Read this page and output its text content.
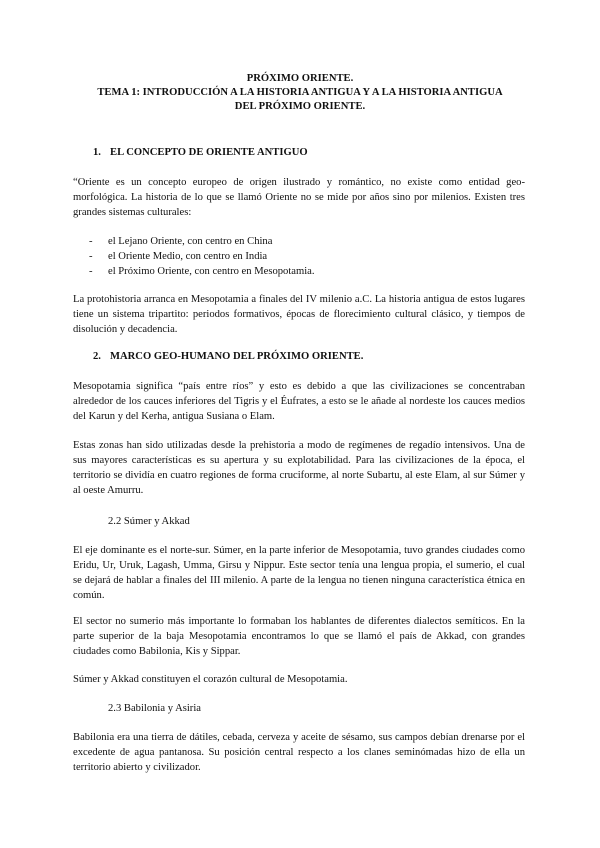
PRÓXIMO ORIENTE.
TEMA 1: INTRODUCCIÓN A LA HISTORIA ANTIGUA Y A LA HISTORIA ANTIGUA
DEL PRÓXIMO ORIENTE.
1. EL CONCEPTO DE ORIENTE ANTIGUO
“Oriente es un concepto europeo de origen ilustrado y romántico, no existe como entidad geo-morfológica. La historia de lo que se llamó Oriente no se mide por años sino por milenios. Existen tres grandes sistemas culturales:
- el Lejano Oriente, con centro en China
- el Oriente Medio, con centro en India
- el Próximo Oriente, con centro en Mesopotamia.
La protohistoria arranca en Mesopotamia a finales del IV milenio a.C. La historia antigua de estos lugares tiene un sistema tripartito: periodos formativos, épocas de florecimiento cultural clásico, y tiempos de disolución y decadencia.
2. MARCO GEO-HUMANO DEL PRÓXIMO ORIENTE.
Mesopotamia significa “país entre ríos” y esto es debido a que las civilizaciones se concentraban alrededor de los cauces inferiores del Tigris y el Éufrates, a esto se le añade al nordeste los cauces medios del Karun y del Kerha, antigua Susiana o Elam.
Estas zonas han sido utilizadas desde la prehistoria a modo de regímenes de regadío intensivos. Una de sus mayores características es su apertura y su explotabilidad. Para las civilizaciones de la época, el territorio se dividía en cuatro regiones de forma cruciforme, al norte Subartu, al este Elam, al sur Súmer y al oeste Amurru.
2.2 Súmer y Akkad
El eje dominante es el norte-sur. Súmer, en la parte inferior de Mesopotamia, tuvo grandes ciudades como Eridu, Ur, Uruk, Lagash, Umma, Girsu y Nippur. Este sector tenía una lengua propia, el sumerio, el cual se dejará de hablar a finales del III milenio. A parte de la lengua no tienen ninguna característica étnica en común.
El sector no sumerio más importante lo formaban los hablantes de diferentes dialectos semíticos. En la parte superior de la baja Mesopotamia encontramos lo que se llamó el país de Akkad, con grandes ciudades como Babilonia, Kis y Sippar.
Súmer y Akkad constituyen el corazón cultural de Mesopotamia.
2.3 Babilonia y Asiria
Babilonia era una tierra de dátiles, cebada, cerveza y aceite de sésamo, sus campos debían drenarse por el excedente de agua pantanosa. Su posición central respecto a los clanes seminómadas hizo de ella un territorio abierto y civilizador.
